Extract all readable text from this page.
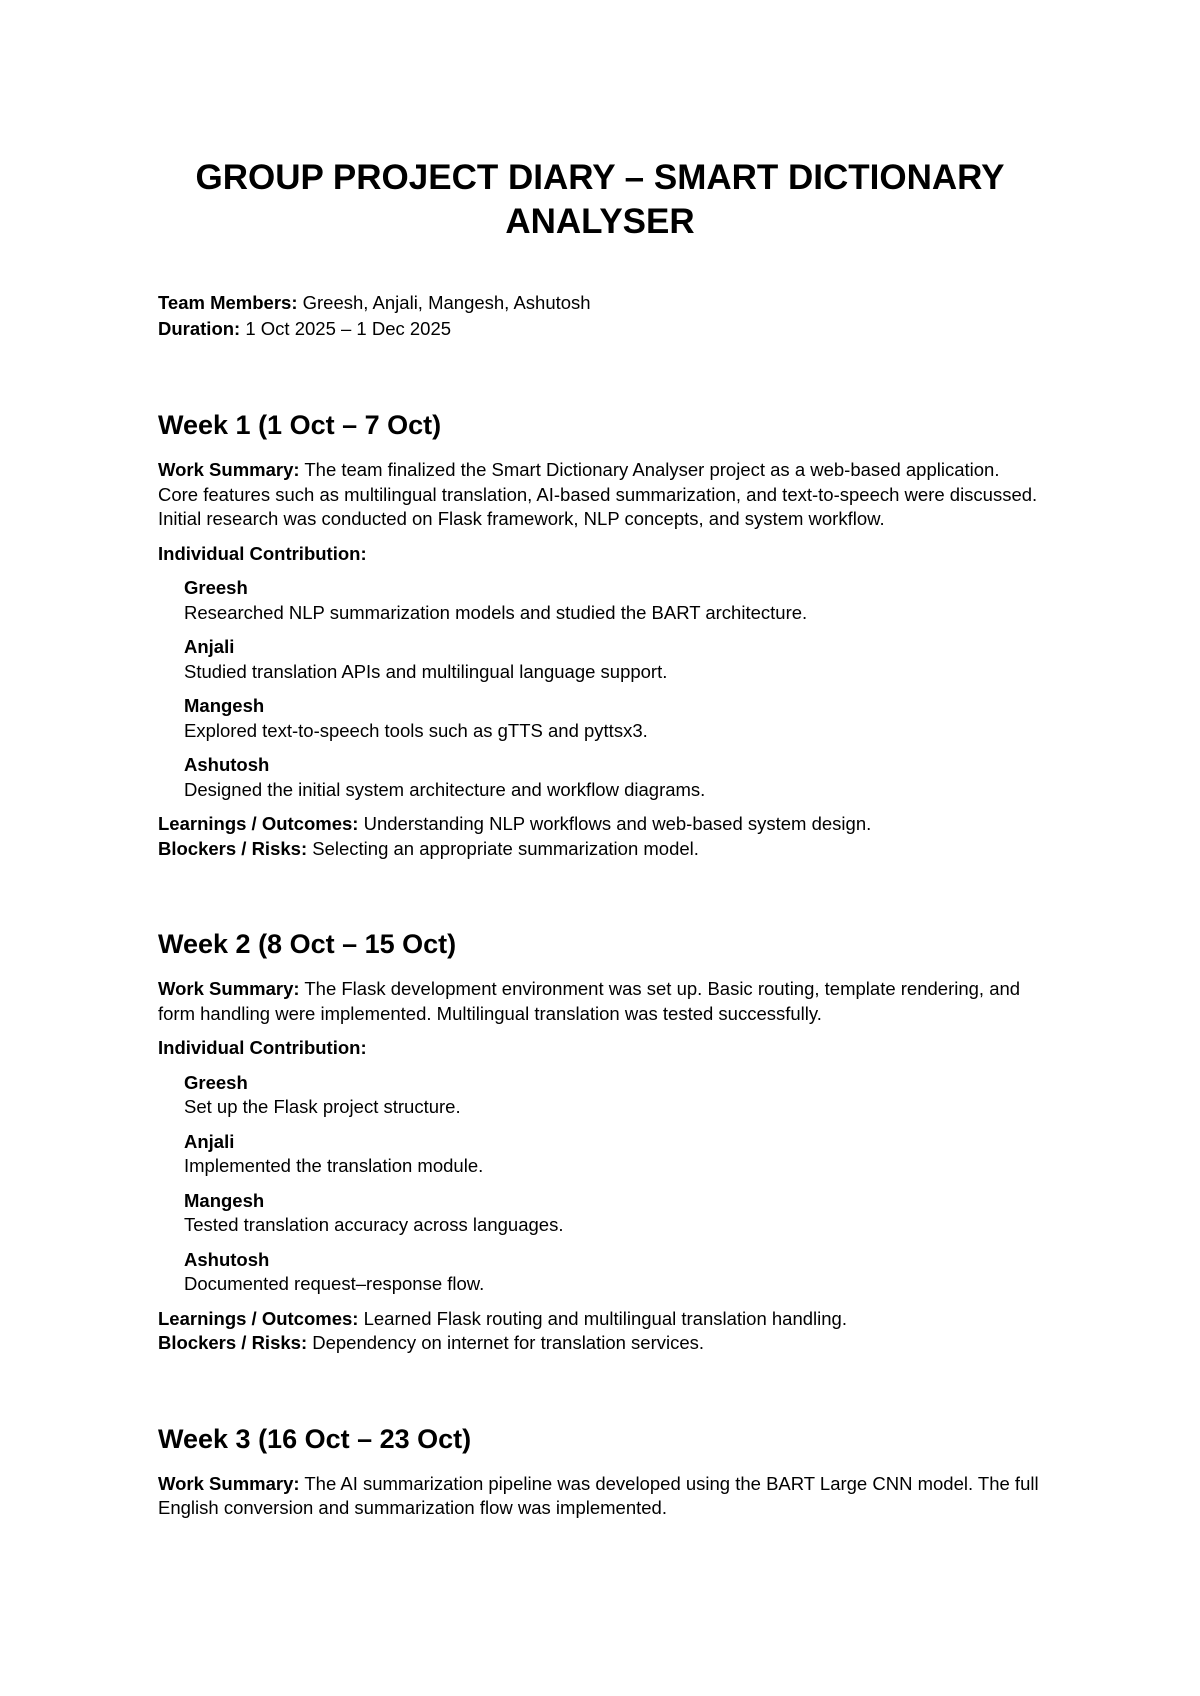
GROUP PROJECT DIARY – SMART DICTIONARY ANALYSER

Team Members: Greesh, Anjali, Mangesh, Ashutosh

Duration: 1 Oct 2025 – 1 Dec 2025

Week 1 (1 Oct – 7 Oct)

Work Summary: The team finalized the Smart Dictionary Analyser project as a web-based application. Core features such as multilingual translation, AI-based summarization, and text-to-speech were discussed. Initial research was conducted on Flask framework, NLP concepts, and system workflow.

Individual Contribution:

Greesh
Researched NLP summarization models and studied the BART architecture.
Anjali
Studied translation APIs and multilingual language support.
Mangesh
Explored text-to-speech tools such as gTTS and pyttsx3.
Ashutosh
Designed the initial system architecture and workflow diagrams.

Learnings / Outcomes: Understanding NLP workflows and web-based system design.

Blockers / Risks: Selecting an appropriate summarization model.

Week 2 (8 Oct – 15 Oct)

Work Summary: The Flask development environment was set up. Basic routing, template rendering, and form handling were implemented. Multilingual translation was tested successfully.

Individual Contribution:

Greesh
Set up the Flask project structure.
Anjali
Implemented the translation module.
Mangesh
Tested translation accuracy across languages.
Ashutosh
Documented request–response flow.

Learnings / Outcomes: Learned Flask routing and multilingual translation handling.

Blockers / Risks: Dependency on internet for translation services.

Week 3 (16 Oct – 23 Oct)

Work Summary: The AI summarization pipeline was developed using the BART Large CNN model. The full English conversion and summarization flow was implemented.
